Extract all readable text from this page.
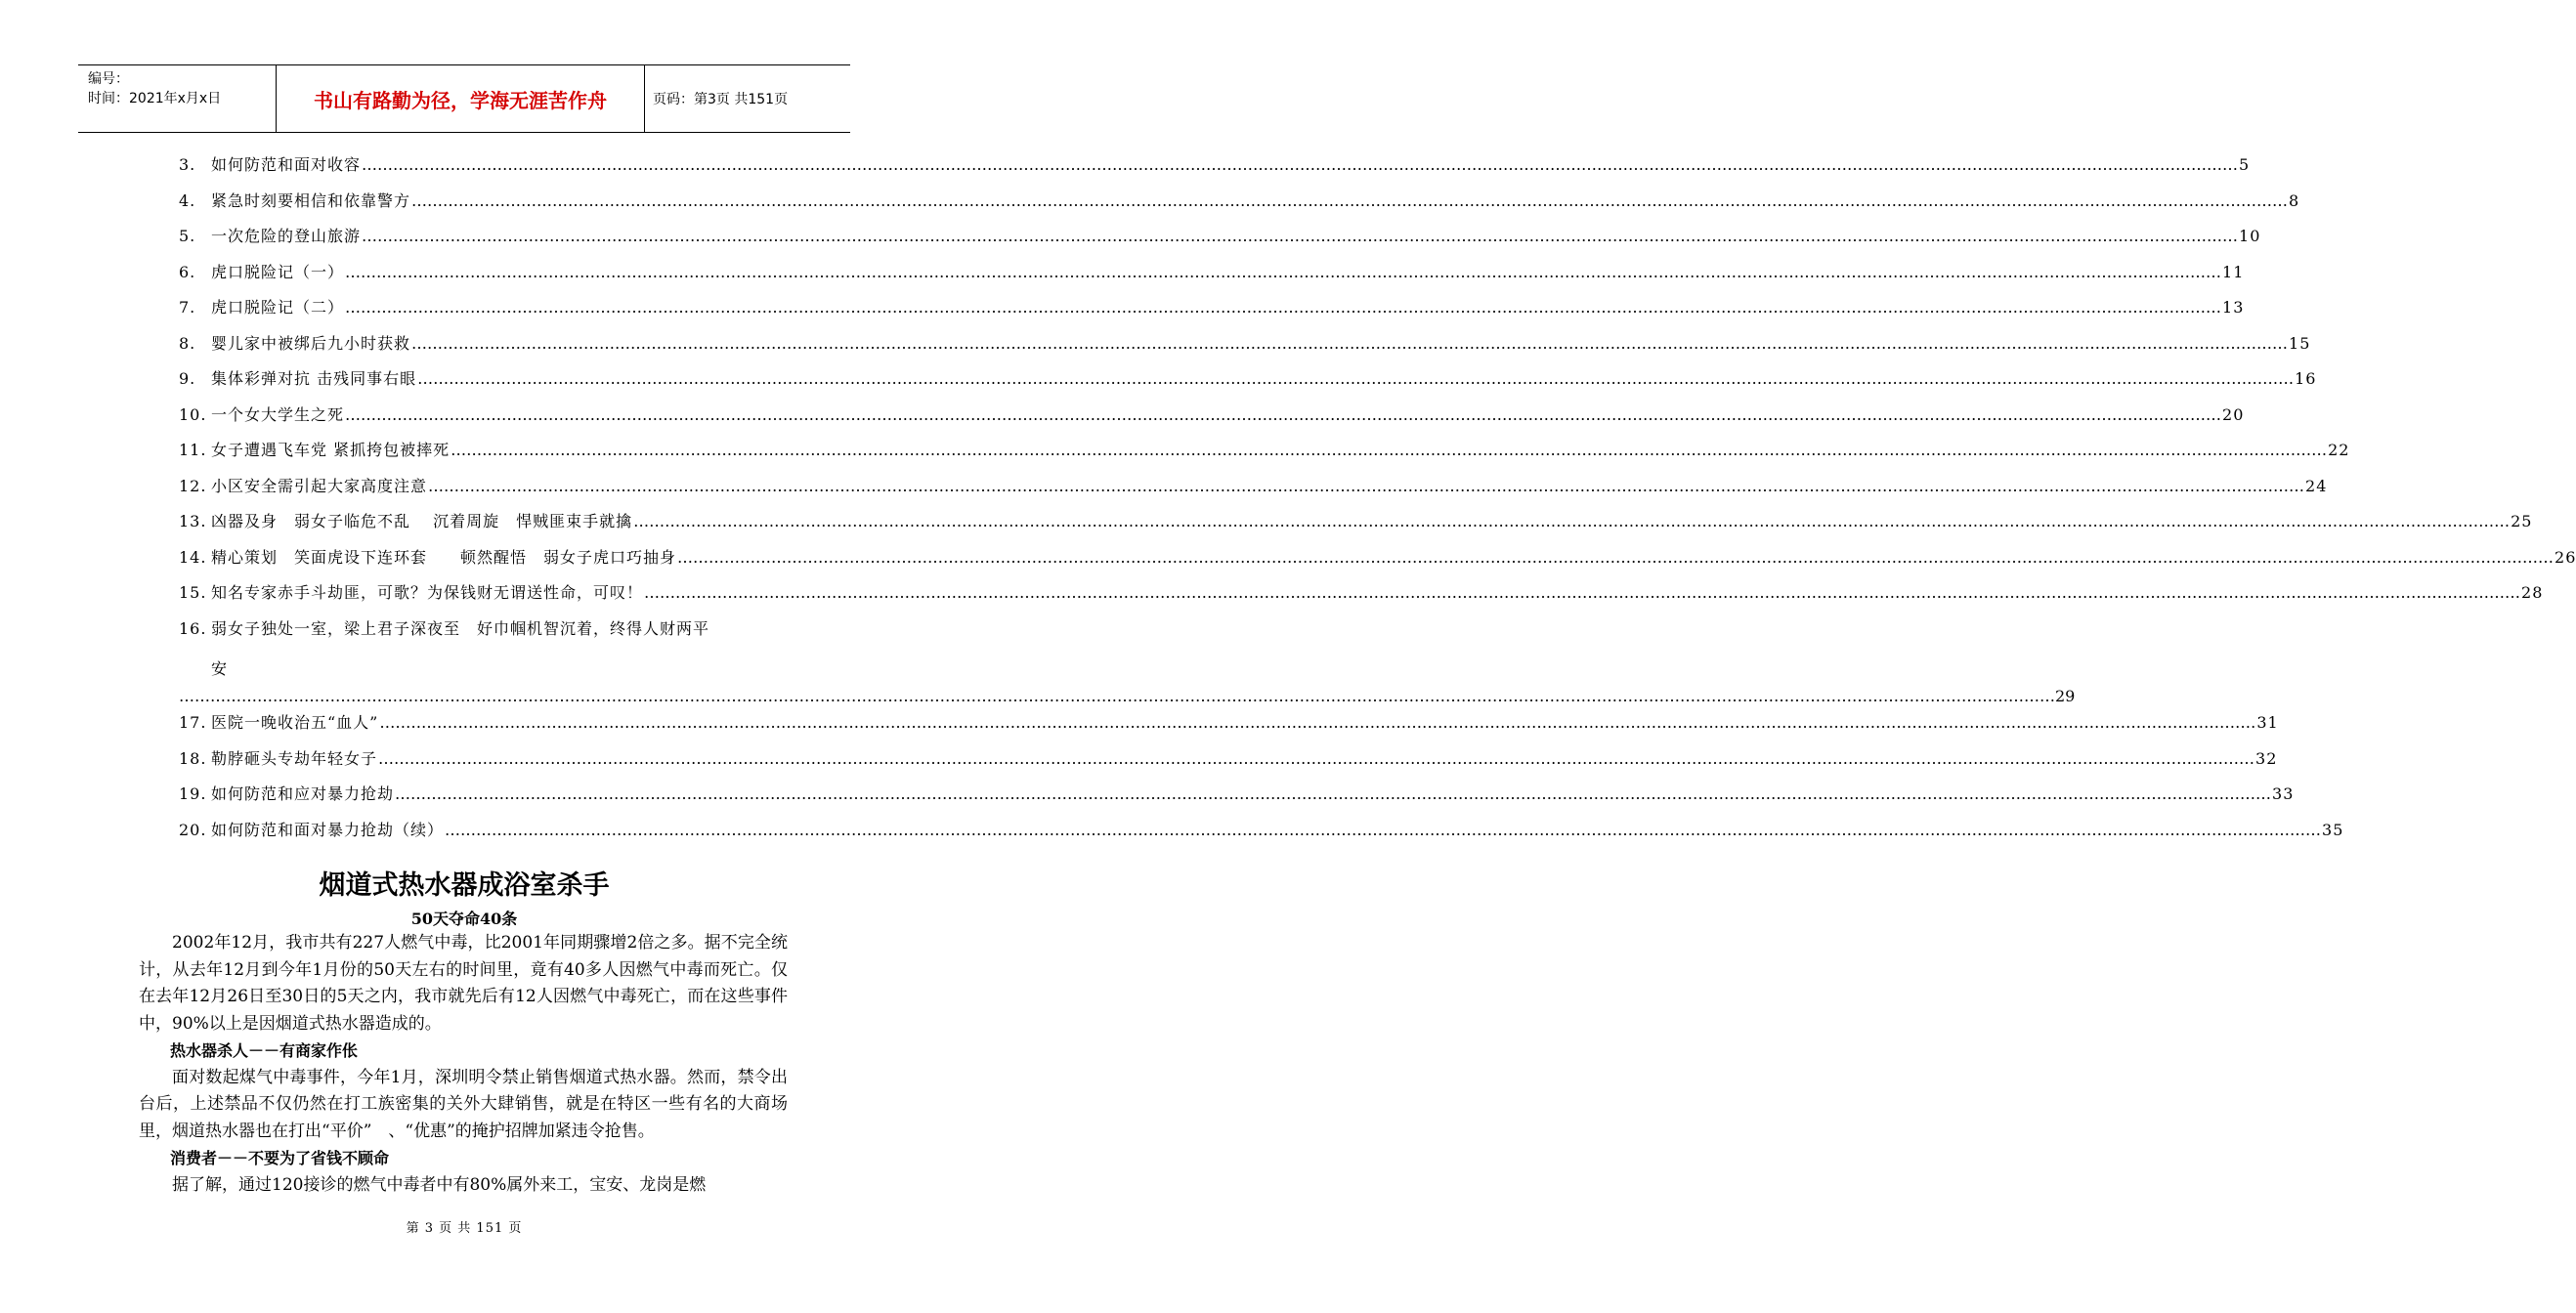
编号：
时间：2021年x月x日	书山有路勤为径，学海无涯苦作舟	页码：第3页 共151页
3. 如何防范和面对收容 ……………………………………………………………………………………………………………………………………………………………………………………………………………………………………………………………………………………………………………………………… 5
4. 紧急时刻要相信和依靠警方 ……………………………………………………………………………………………………………………………………………………………………………………………………………………………………………………………………………………………………………………………… 8
5. 一次危险的登山旅游 ……………………………………………………………………………………………………………………………………………………………………………………………………………………………………………………………………………………………………………………………… 10
6. 虎口脱险记（一） ……………………………………………………………………………………………………………………………………………………………………………………………………………………………………………………………………………………………………………………………… 11
7. 虎口脱险记（二） ……………………………………………………………………………………………………………………………………………………………………………………………………………………………………………………………………………………………………………………………… 13
8. 婴儿家中被绑后九小时获救 ……………………………………………………………………………………………………………………………………………………………………………………………………………………………………………………………………………………………………………………………… 15
9. 集体彩弹对抗 击残同事右眼 ……………………………………………………………………………………………………………………………………………………………………………………………………………………………………………………………………………………………………………………………… 16
10. 一个女大学生之死 ……………………………………………………………………………………………………………………………………………………………………………………………………………………………………………………………………………………………………………………………… 20
11. 女子遭遇飞车党 紧抓挎包被摔死 ……………………………………………………………………………………………………………………………………………………………………………………………………………………………………………………………………………………………………………………………… 22
12. 小区安全需引起大家高度注意 ……………………………………………………………………………………………………………………………………………………………………………………………………………………………………………………………………………………………………………………………… 24
13. 凶器及身　弱女子临危不乱　 沉着周旋　悍贼匪束手就擒 ……………………………………………………………………………………………………………………………………………………………………………………………………………………………………………………………………………………………………………………………… 25
14. 精心策划　笑面虎设下连环套　　顿然醒悟　弱女子虎口巧抽身 ……………………………………………………………………………………………………………………………………………………………………………………………………………………………………………………………………………………………………………………………… 26
15. 知名专家赤手斗劫匪，可歌？为保钱财无谓送性命，可叹！ ……………………………………………………………………………………………………………………………………………………………………………………………………………………………………………………………………………………………………………………………… 28
16. 弱女子独处一室，梁上君子深夜至　好巾帼机智沉着，终得人财两平
安
……………………………………………………………………………………………………………………………………………………………………………………………………………………………………………………………………………………………………………………………… 29
17. 医院一晚收治五“血人” ……………………………………………………………………………………………………………………………………………………………………………………………………………………………………………………………………………………………………………………………… 31
18. 勒脖砸头专劫年轻女子 ……………………………………………………………………………………………………………………………………………………………………………………………………………………………………………………………………………………………………………………………… 32
19. 如何防范和应对暴力抢劫 ……………………………………………………………………………………………………………………………………………………………………………………………………………………………………………………………………………………………………………………………… 33
20. 如何防范和面对暴力抢劫（续） ……………………………………………………………………………………………………………………………………………………………………………………………………………………………………………………………………………………………………………………………… 35
烟道式热水器成浴室杀手
50天夺命40条

2002年12月，我市共有227人燃气中毒，比2001年同期骤增2倍之多。据不完全统计，从去年12月到今年1月份的50天左右的时间里，竟有40多人因燃气中毒而死亡。仅在去年12月26日至30日的5天之内，我市就先后有12人因燃气中毒死亡，而在这些事件中，90%以上是因烟道式热水器造成的。

热水器杀人－－有商家作伥

面对数起煤气中毒事件，今年1月，深圳明令禁止销售烟道式热水器。然而，禁令出台后，上述禁品不仅仍然在打工族密集的关外大肆销售，就是在特区一些有名的大商场里，烟道热水器也在打出“平价”　、“优惠”的掩护招牌加紧违令抢售。

消费者－－不要为了省钱不顾命

据了解，通过120接诊的燃气中毒者中有80%属外来工，宝安、龙岗是燃

第 3 页 共 151 页
